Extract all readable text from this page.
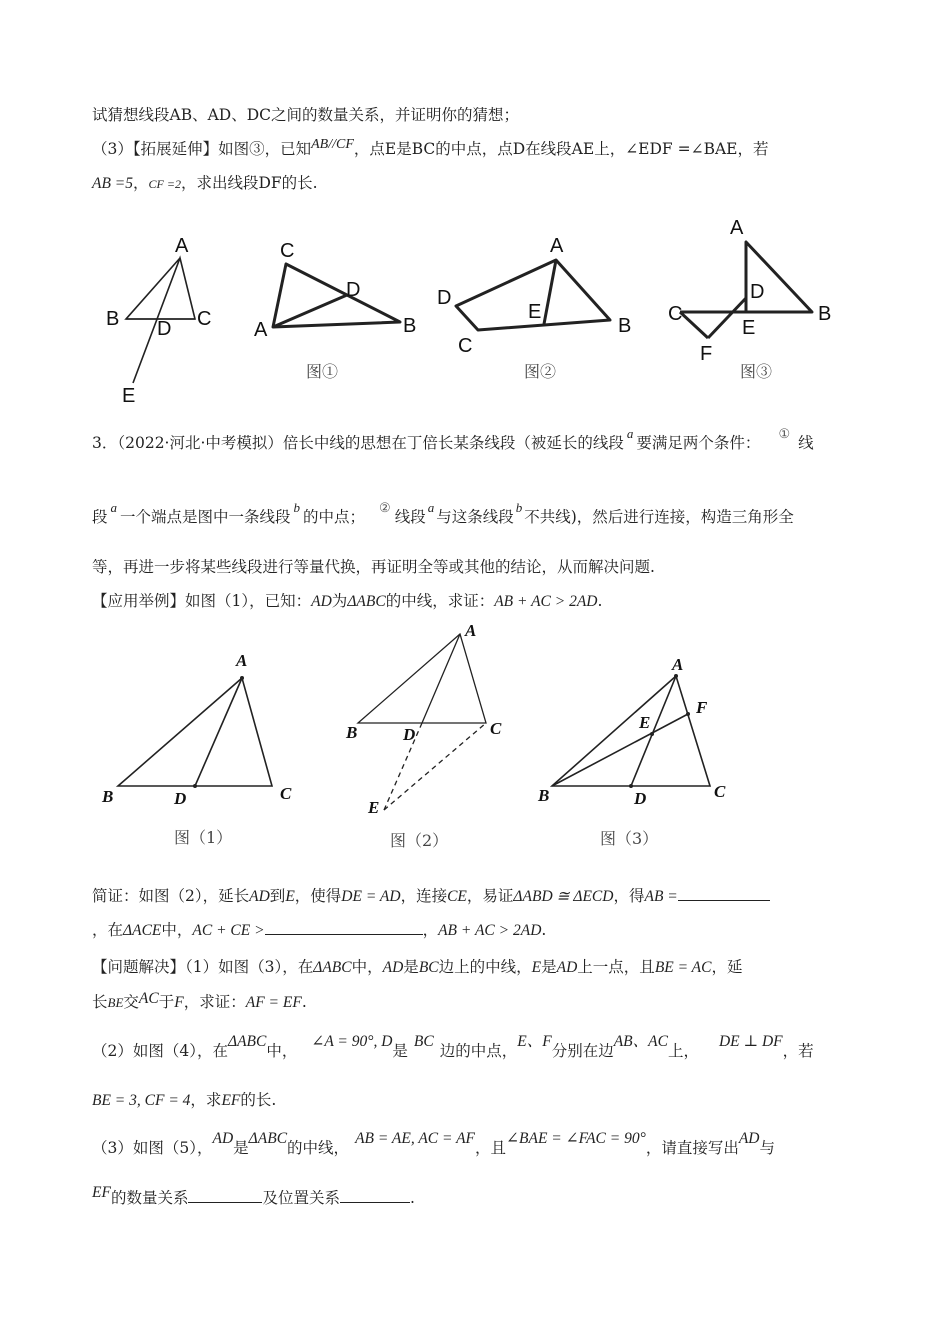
试猜想线段AB、AD、DC之间的数量关系，并证明你的猜想；
（3）【拓展延伸】如图③，已知AB//CF，点E是BC的中点，点D在线段AE上，∠EDF =∠BAE，若
AB =5，CF =2，求出线段DF的长.
A
B	C
D
E
C
D
A	B
图①
A
D
E
C
B
图②
A
D
C
E
B
F
图③
3．（2022·河北·中考模拟）倍长中线的思想在丁倍长某条线段（被延长的线段$^a$要满足两个条件： ① 线
段$^a$一个端点是图中一条线段$^b$的中点； ② 线段$^a$与这条线段$^b$不共线)，然后进行连接，构造三角形全
等，再进一步将某些线段进行等量代换，再证明全等或其他的结论，从而解决问题.
【应用举例】如图（1），已知：AD为ΔABC的中线，求证：AB + AC > 2AD.
A
B	D	C
图（1）
A
B	D	C
E
图（2）
A
E
F
B	D	C
图（3）
简证：如图（2），延长AD到E，使得DE = AD，连接CE，易证ΔABD ≅ ΔECD，得AB =
，在ΔACE中，AC + CE >	，AB + AC > 2AD.
【问题解决】（1）如图（3），在ΔABC中，AD是BC边上的中线，E是AD上一点，且BE = AC，延
长BE交AC于F，求证：AF = EF.
（2）如图（4），在ΔABC中，∠A = 90°, D是BC边的中点，E、F分别在边AB、AC上，DE ⊥ DF，若
BE = 3, CF = 4，求EF的长.
（3）如图（5），AD是ΔABC的中线，AB = AE, AC = AF，且∠BAE = ∠FAC = 90°，请直接写出AD与
EF的数量关系	及位置关系	.
